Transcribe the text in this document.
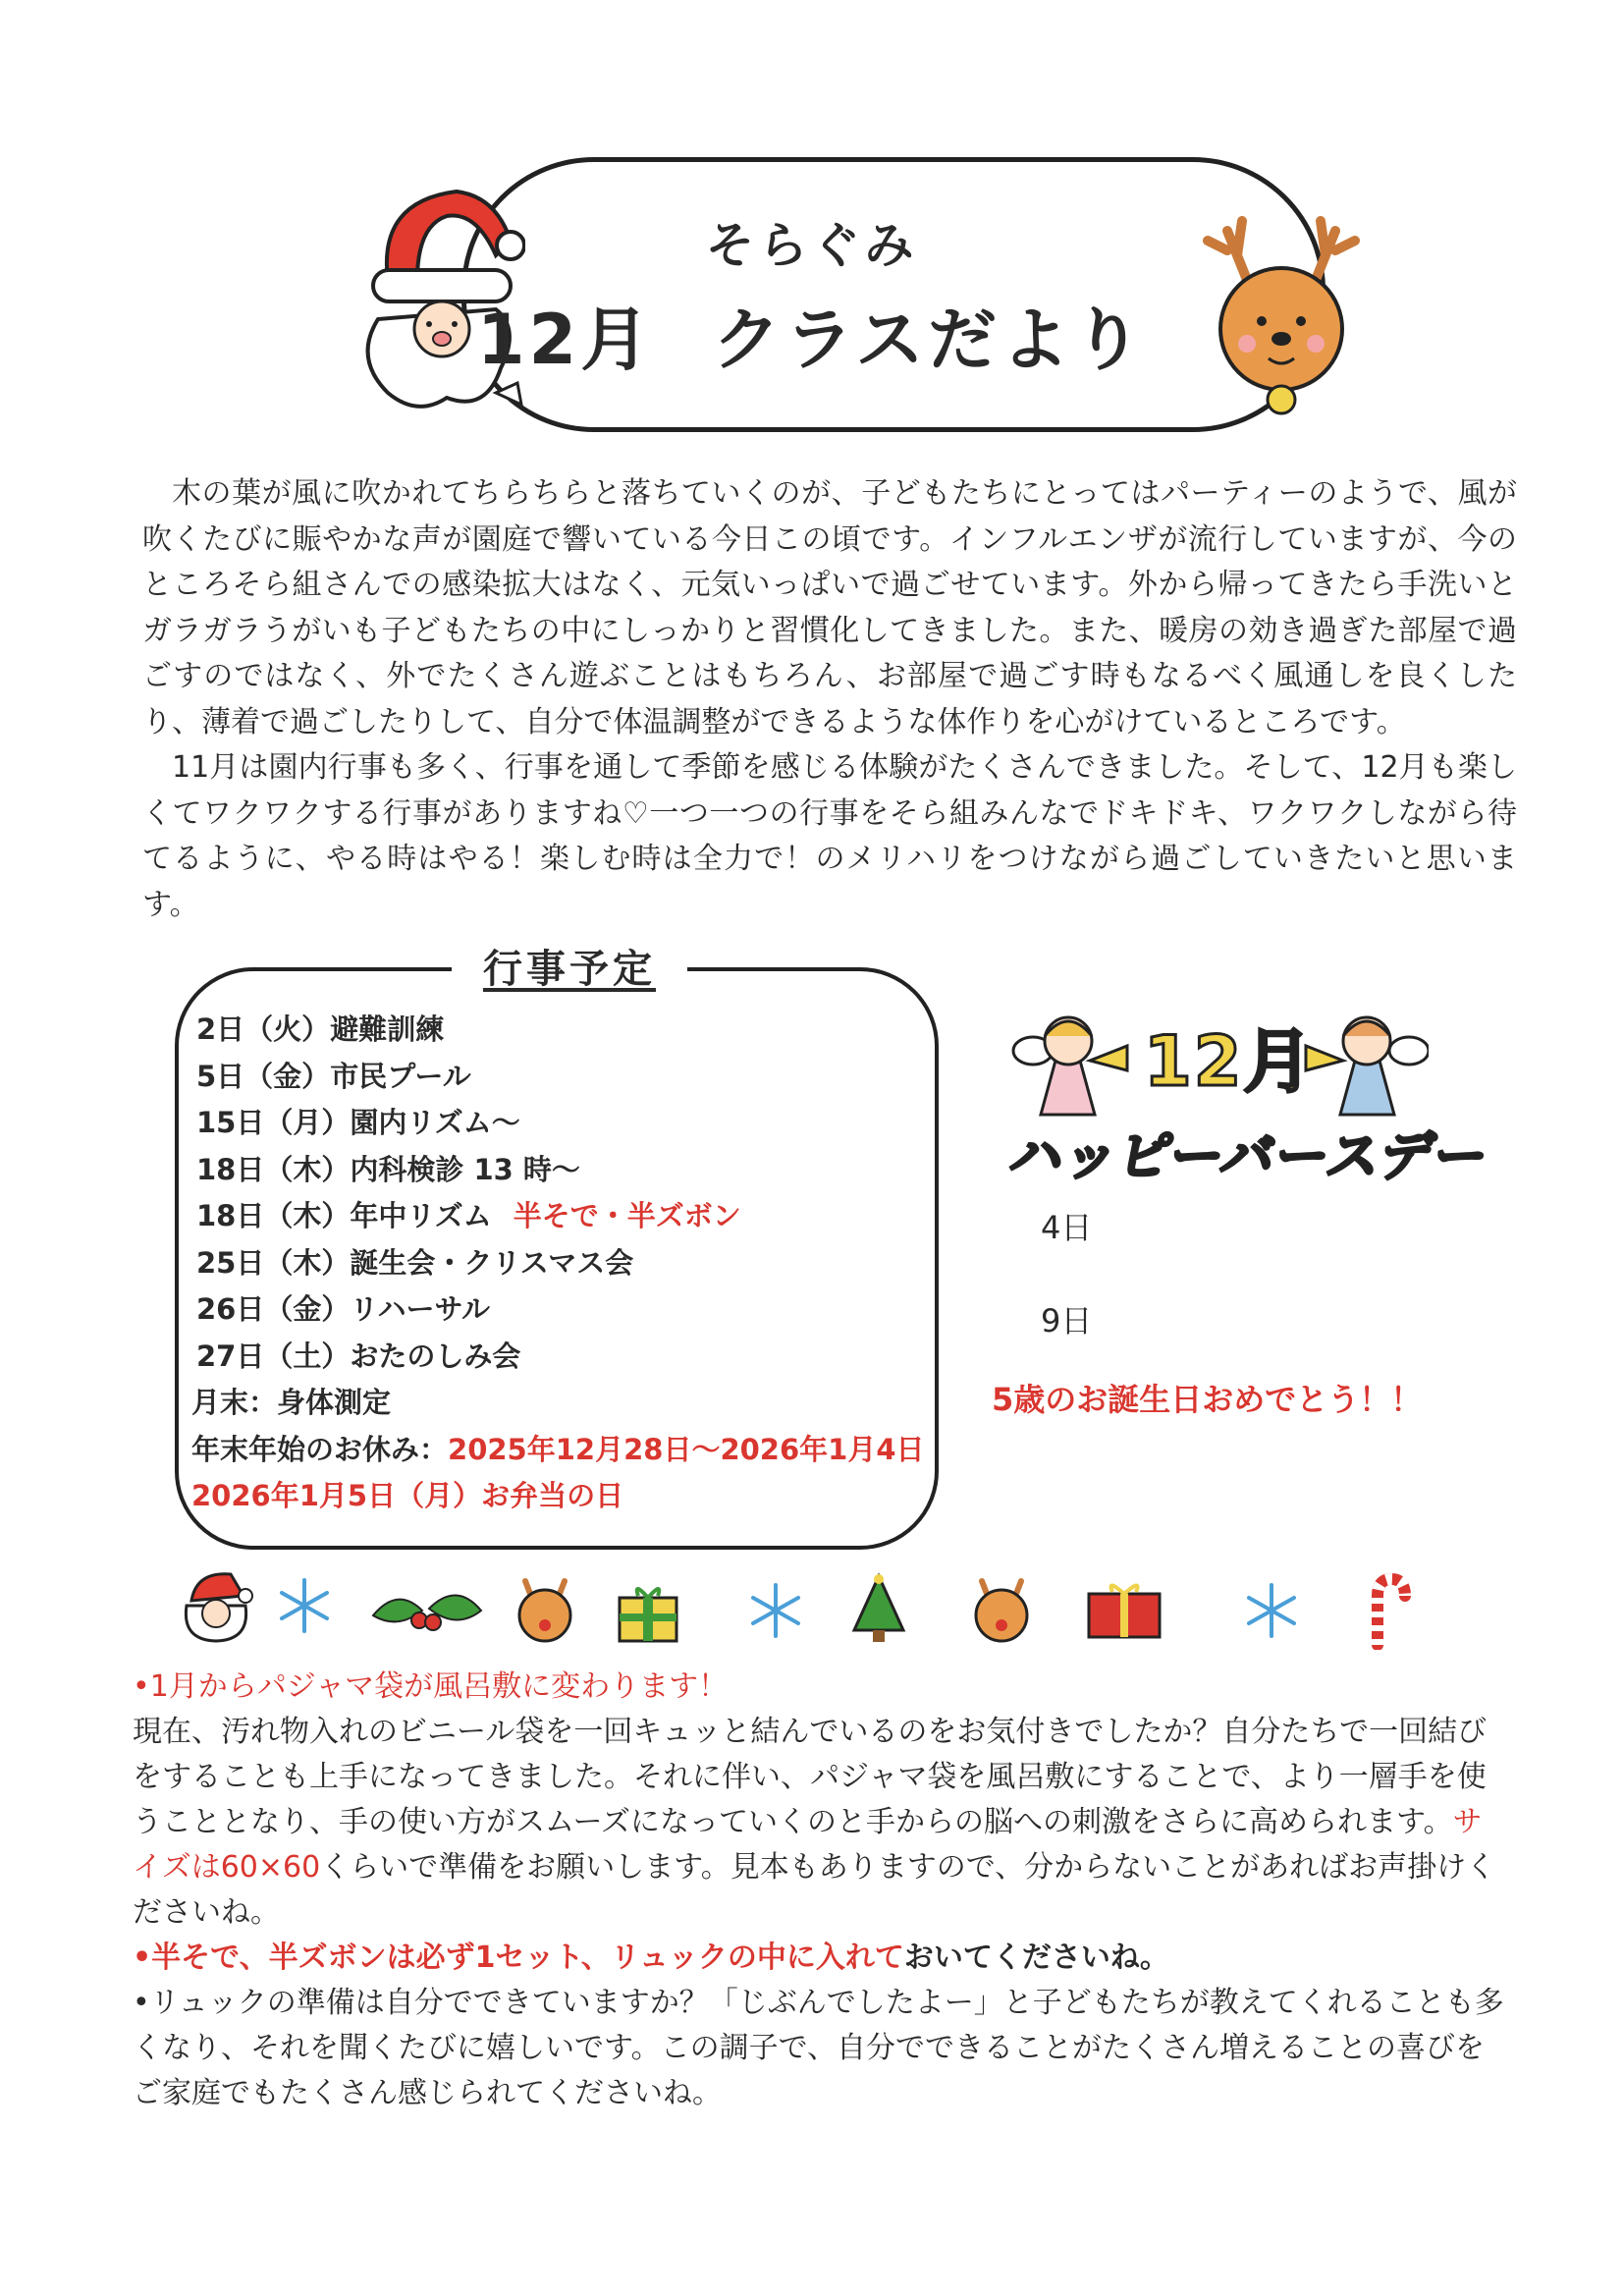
そらぐみ
12月 クラスだより

木の葉が風に吹かれてちらちらと落ちていくのが、子どもたちにとってはパーティーのようで、風が吹くたびに賑やかな声が園庭で響いている今日この頃です。インフルエンザが流行していますが、今のところそら組さんでの感染拡大はなく、元気いっぱいで過ごせています。外から帰ってきたら手洗いとガラガラうがいも子どもたちの中にしっかりと習慣化してきました。また、暖房の効き過ぎた部屋で過ごすのではなく、外でたくさん遊ぶことはもちろん、お部屋で過ごす時もなるべく風通しを良くしたり、薄着で過ごしたりして、自分で体温調整ができるような体作りを心がけているところです。

11月は園内行事も多く、行事を通して季節を感じる体験がたくさんできました。そして、12月も楽しくてワクワクする行事がありますね♡一つ一つの行事をそら組みんなでドキドキ、ワクワクしながら待てるように、やる時はやる！楽しむ時は全力で！のメリハリをつけながら過ごしていきたいと思います。

行事予定
2日（火）避難訓練
5日（金）市民プール
15日（月）園内リズム～
18日（木）内科検診 13 時～
18日（木）年中リズム 半そで・半ズボン
25日（木）誕生会・クリスマス会
26日（金）リハーサル
27日（土）おたのしみ会
月末：身体測定
年末年始のお休み：2025年12月28日～2026年1月4日
2026年1月5日（月）お弁当の日
12月
ハッピーバースデー
4日
9日
5歳のお誕生日おめでとう！！

•1月からパジャマ袋が風呂敷に変わります！

現在、汚れ物入れのビニール袋を一回キュッと結んでいるのをお気付きでしたか？自分たちで一回結びをすることも上手になってきました。それに伴い、パジャマ袋を風呂敷にすることで、より一層手を使うこととなり、手の使い方がスムーズになっていくのと手からの脳への刺激をさらに高められます。サイズは60×60くらいで準備をお願いします。見本もありますので、分からないことがあればお声掛けくださいね。

•半そで、半ズボンは必ず1セット、リュックの中に入れておいてくださいね。

•リュックの準備は自分でできていますか？「じぶんでしたよー」と子どもたちが教えてくれることも多くなり、それを聞くたびに嬉しいです。この調子で、自分でできることがたくさん増えることの喜びをご家庭でもたくさん感じられてくださいね。
